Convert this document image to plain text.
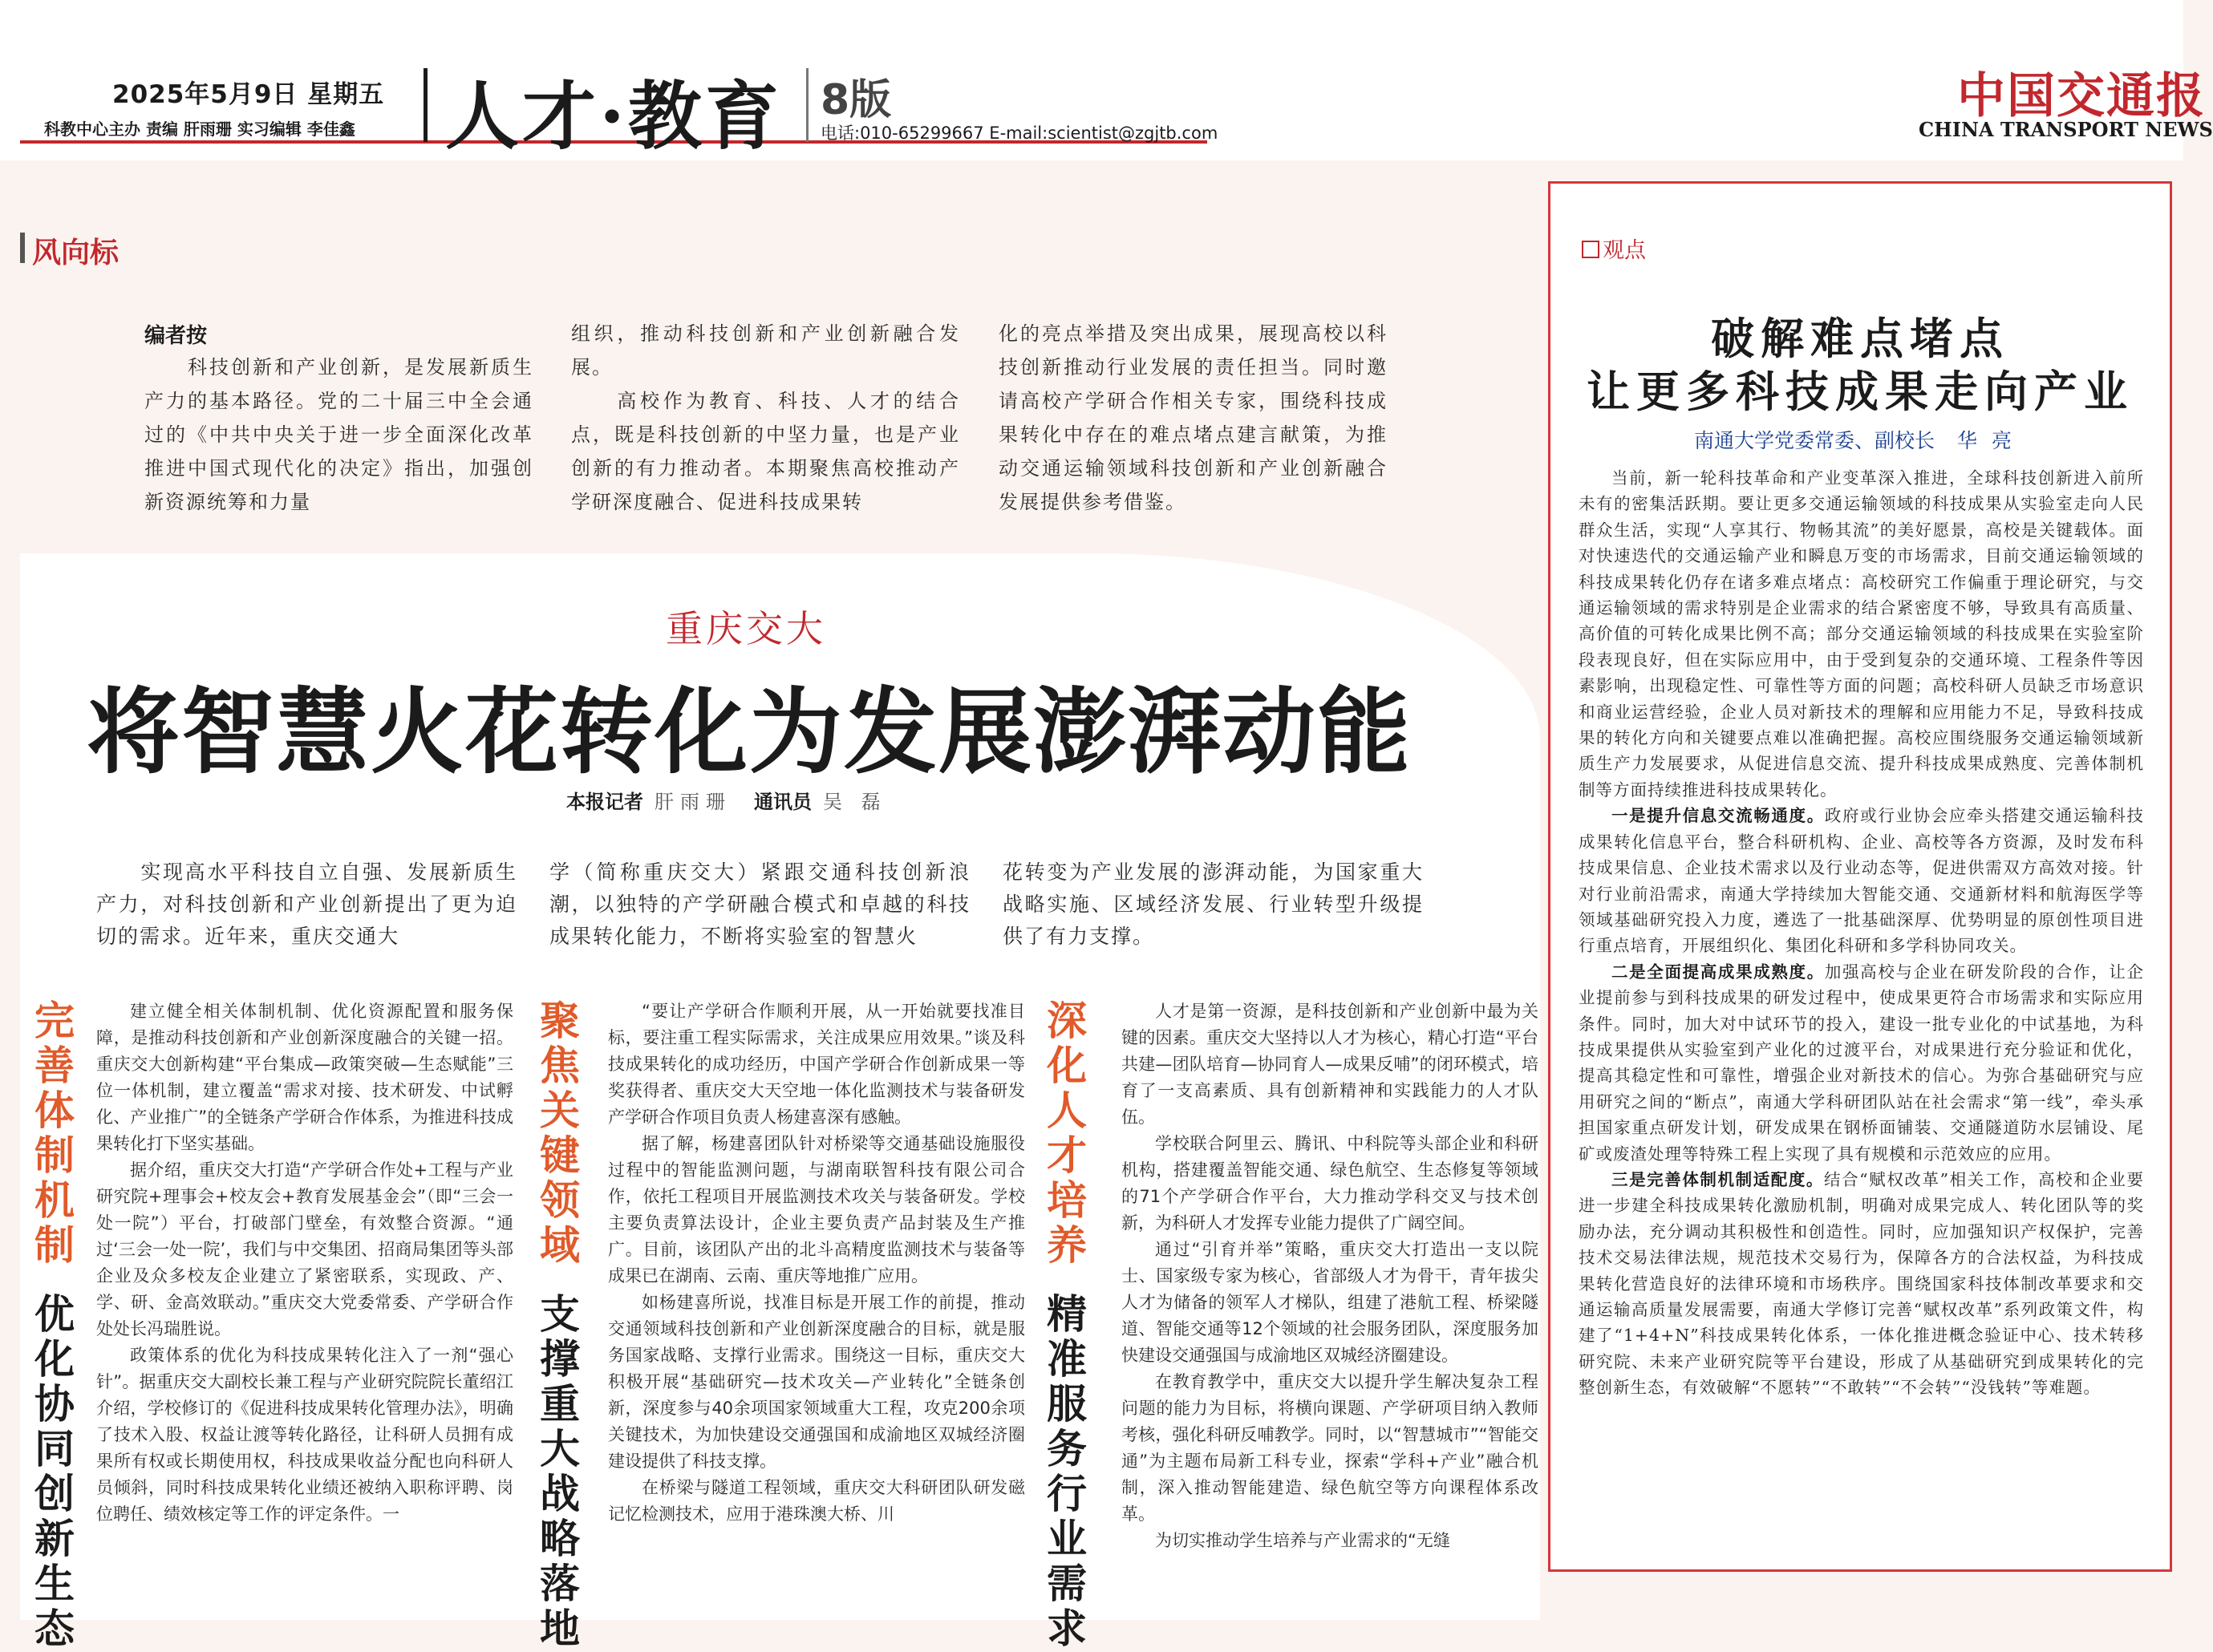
2025年5月9日 星期五
科教中心主办 责编 肝雨珊 实习编辑 李佳鑫 人才·教育 8版
电话:010-65299667 E-mail:scientist@zgjtb.com
中国交通报
CHINA TRANSPORT NEWS
风向标
编者按
　　科技创新和产业创新，是发展新质生产力的基本路径。党的二十届三中全会通过的《中共中央关于进一步全面深化改革 推进中国式现代化的决定》指出，加强创新资源统筹和力量
组织，推动科技创新和产业创新融合发展。
　　高校作为教育、科技、人才的结合点，既是科技创新的中坚力量，也是产业创新的有力推动者。本期聚焦高校推动产学研深度融合、促进科技成果转
化的亮点举措及突出成果，展现高校以科技创新推动行业发展的责任担当。同时邀请高校产学研合作相关专家，围绕科技成果转化中存在的难点堵点建言献策，为推动交通运输领域科技创新和产业创新融合发展提供参考借鉴。
重庆交大
将智慧火花转化为发展澎湃动能
本报记者 肝雨珊 通讯员 吴 磊
　　实现高水平科技自立自强、发展新质生产力，对科技创新和产业创新提出了更为迫切的需求。近年来，重庆交通大
学（简称重庆交大）紧跟交通科技创新浪潮，以独特的产学研融合模式和卓越的科技成果转化能力，不断将实验室的智慧火
花转变为产业发展的澎湃动能，为国家重大战略实施、区域经济发展、行业转型升级提供了有力支撑。
完善体制机制
优化协同创新生态
聚焦关键领域
支撑重大战略落地
深化人才培养
精准服务行业需求

建立健全相关体制机制、优化资源配置和服务保障，是推动科技创新和产业创新深度融合的关键一招。重庆交大创新构建“平台集成—政策突破—生态赋能”三位一体机制，建立覆盖“需求对接、技术研发、中试孵化、产业推广”的全链条产学研合作体系，为推进科技成果转化打下坚实基础。

据介绍，重庆交大打造“产学研合作处+工程与产业研究院+理事会+校友会+教育发展基金会”（即“三会一处一院”）平台，打破部门壁垒，有效整合资源。“通过‘三会一处一院’，我们与中交集团、招商局集团等头部企业及众多校友企业建立了紧密联系，实现政、产、学、研、金高效联动。”重庆交大党委常委、产学研合作处处长冯瑞胜说。

政策体系的优化为科技成果转化注入了一剂“强心针”。据重庆交大副校长兼工程与产业研究院院长董绍江介绍，学校修订的《促进科技成果转化管理办法》，明确了技术入股、权益让渡等转化路径，让科研人员拥有成果所有权或长期使用权，科技成果收益分配也向科研人员倾斜，同时科技成果转化业绩还被纳入职称评聘、岗位聘任、绩效核定等工作的评定条件。一

“要让产学研合作顺利开展，从一开始就要找准目标，要注重工程实际需求，关注成果应用效果。”谈及科技成果转化的成功经历，中国产学研合作创新成果一等奖获得者、重庆交大天空地一体化监测技术与装备研发产学研合作项目负责人杨建喜深有感触。

据了解，杨建喜团队针对桥梁等交通基础设施服役过程中的智能监测问题，与湖南联智科技有限公司合作，依托工程项目开展监测技术攻关与装备研发。学校主要负责算法设计，企业主要负责产品封装及生产推广。目前，该团队产出的北斗高精度监测技术与装备等成果已在湖南、云南、重庆等地推广应用。

如杨建喜所说，找准目标是开展工作的前提，推动交通领域科技创新和产业创新深度融合的目标，就是服务国家战略、支撑行业需求。围绕这一目标，重庆交大积极开展“基础研究—技术攻关—产业转化”全链条创新，深度参与40余项国家领域重大工程，攻克200余项关键技术，为加快建设交通强国和成渝地区双城经济圈建设提供了科技支撑。

在桥梁与隧道工程领域，重庆交大科研团队研发磁记忆检测技术，应用于港珠澳大桥、川

人才是第一资源，是科技创新和产业创新中最为关键的因素。重庆交大坚持以人才为核心，精心打造“平台共建—团队培育—协同育人—成果反哺”的闭环模式，培育了一支高素质、具有创新精神和实践能力的人才队伍。

学校联合阿里云、腾讯、中科院等头部企业和科研机构，搭建覆盖智能交通、绿色航空、生态修复等领域的71个产学研合作平台，大力推动学科交叉与技术创新，为科研人才发挥专业能力提供了广阔空间。

通过“引育并举”策略，重庆交大打造出一支以院士、国家级专家为核心，省部级人才为骨干，青年拔尖人才为储备的领军人才梯队，组建了港航工程、桥梁隧道、智能交通等12个领域的社会服务团队，深度服务加快建设交通强国与成渝地区双城经济圈建设。

在教育教学中，重庆交大以提升学生解决复杂工程问题的能力为目标，将横向课题、产学研项目纳入教师考核，强化科研反哺教学。同时，以“智慧城市”“智能交通”为主题布局新工科专业，探索“学科+产业”融合机制，深入推动智能建造、绿色航空等方向课程体系改革。

为切实推动学生培养与产业需求的“无缝

观点
破解难点堵点
让更多科技成果走向产业
南通大学党委常委、副校长 华亮

当前，新一轮科技革命和产业变革深入推进，全球科技创新进入前所未有的密集活跃期。要让更多交通运输领域的科技成果从实验室走向人民群众生活，实现“人享其行、物畅其流”的美好愿景，高校是关键载体。面对快速迭代的交通运输产业和瞬息万变的市场需求，目前交通运输领域的科技成果转化仍存在诸多难点堵点：高校研究工作偏重于理论研究，与交通运输领域的需求特别是企业需求的结合紧密度不够，导致具有高质量、高价值的可转化成果比例不高；部分交通运输领域的科技成果在实验室阶段表现良好，但在实际应用中，由于受到复杂的交通环境、工程条件等因素影响，出现稳定性、可靠性等方面的问题；高校科研人员缺乏市场意识和商业运营经验，企业人员对新技术的理解和应用能力不足，导致科技成果的转化方向和关键要点难以准确把握。高校应围绕服务交通运输领域新质生产力发展要求，从促进信息交流、提升科技成果成熟度、完善体制机制等方面持续推进科技成果转化。

一是提升信息交流畅通度。政府或行业协会应牵头搭建交通运输科技成果转化信息平台，整合科研机构、企业、高校等各方资源，及时发布科技成果信息、企业技术需求以及行业动态等，促进供需双方高效对接。针对行业前沿需求，南通大学持续加大智能交通、交通新材料和航海医学等领域基础研究投入力度，遴选了一批基础深厚、优势明显的原创性项目进行重点培育，开展组织化、集团化科研和多学科协同攻关。

二是全面提高成果成熟度。加强高校与企业在研发阶段的合作，让企业提前参与到科技成果的研发过程中，使成果更符合市场需求和实际应用条件。同时，加大对中试环节的投入，建设一批专业化的中试基地，为科技成果提供从实验室到产业化的过渡平台，对成果进行充分验证和优化，提高其稳定性和可靠性，增强企业对新技术的信心。为弥合基础研究与应用研究之间的“断点”，南通大学科研团队站在社会需求“第一线”，牵头承担国家重点研发计划，研发成果在钢桥面铺装、交通隧道防水层铺设、尾矿或废渣处理等特殊工程上实现了具有规模和示范效应的应用。

三是完善体制机制适配度。结合“赋权改革”相关工作，高校和企业要进一步建全科技成果转化激励机制，明确对成果完成人、转化团队等的奖励办法，充分调动其积极性和创造性。同时，应加强知识产权保护，完善技术交易法律法规，规范技术交易行为，保障各方的合法权益，为科技成果转化营造良好的法律环境和市场秩序。围绕国家科技体制改革要求和交通运输高质量发展需要，南通大学修订完善“赋权改革”系列政策文件，构建了“1+4+N”科技成果转化体系，一体化推进概念验证中心、技术转移研究院、未来产业研究院等平台建设，形成了从基础研究到成果转化的完整创新生态，有效破解“不愿转”“不敢转”“不会转”“没钱转”等难题。
